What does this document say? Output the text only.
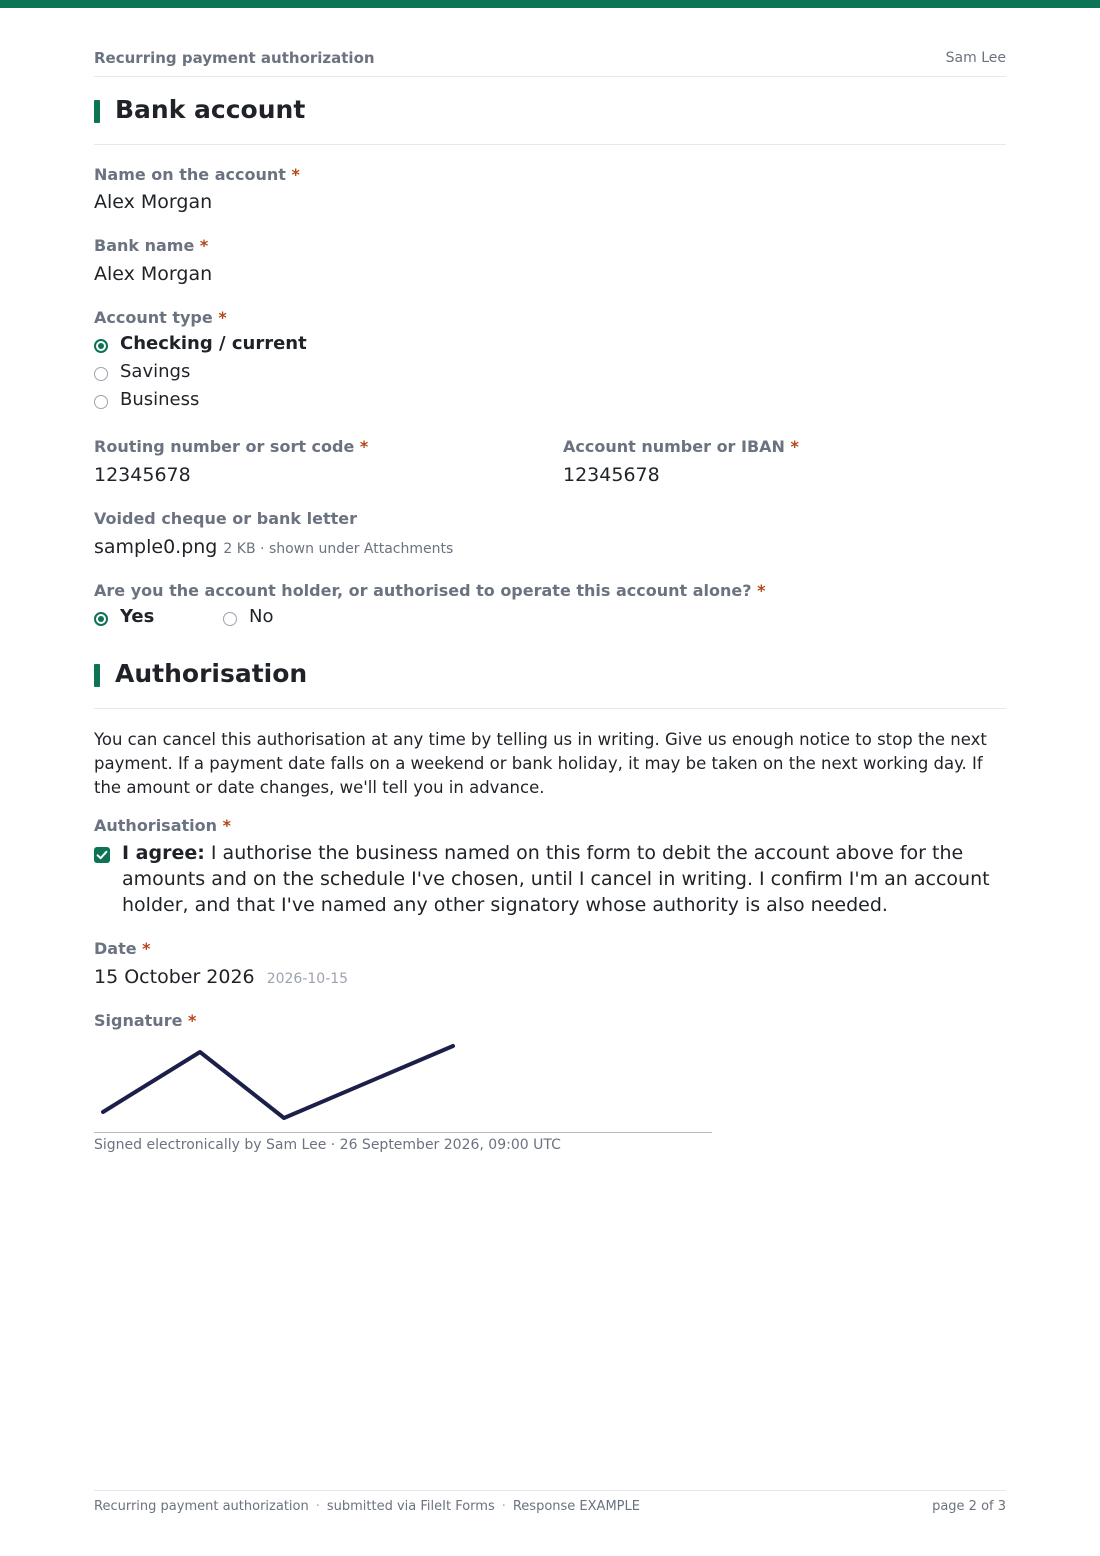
Recurring payment authorization	Sam Lee
Bank account
Name on the account *
Alex Morgan
Bank name *
Alex Morgan
Account type *
Checking / current
Savings
Business
Routing number or sort code *
12345678
Account number or IBAN *
12345678
Voided cheque or bank letter
sample0.png 2 KB · shown under Attachments
Are you the account holder, or authorised to operate this account alone? *
Yes	No
Authorisation
You can cancel this authorisation at any time by telling us in writing. Give us enough notice to stop the next payment. If a payment date falls on a weekend or bank holiday, it may be taken on the next working day. If the amount or date changes, we'll tell you in advance.
Authorisation *
I agree: I authorise the business named on this form to debit the account above for the amounts and on the schedule I've chosen, until I cancel in writing. I confirm I'm an account holder, and that I've named any other signatory whose authority is also needed.
Date *
15 October 2026 2026-10-15
Signature *
Signed electronically by Sam Lee · 26 September 2026, 09:00 UTC
Recurring payment authorization · submitted via FileIt Forms · Response EXAMPLE	page 2 of 3
